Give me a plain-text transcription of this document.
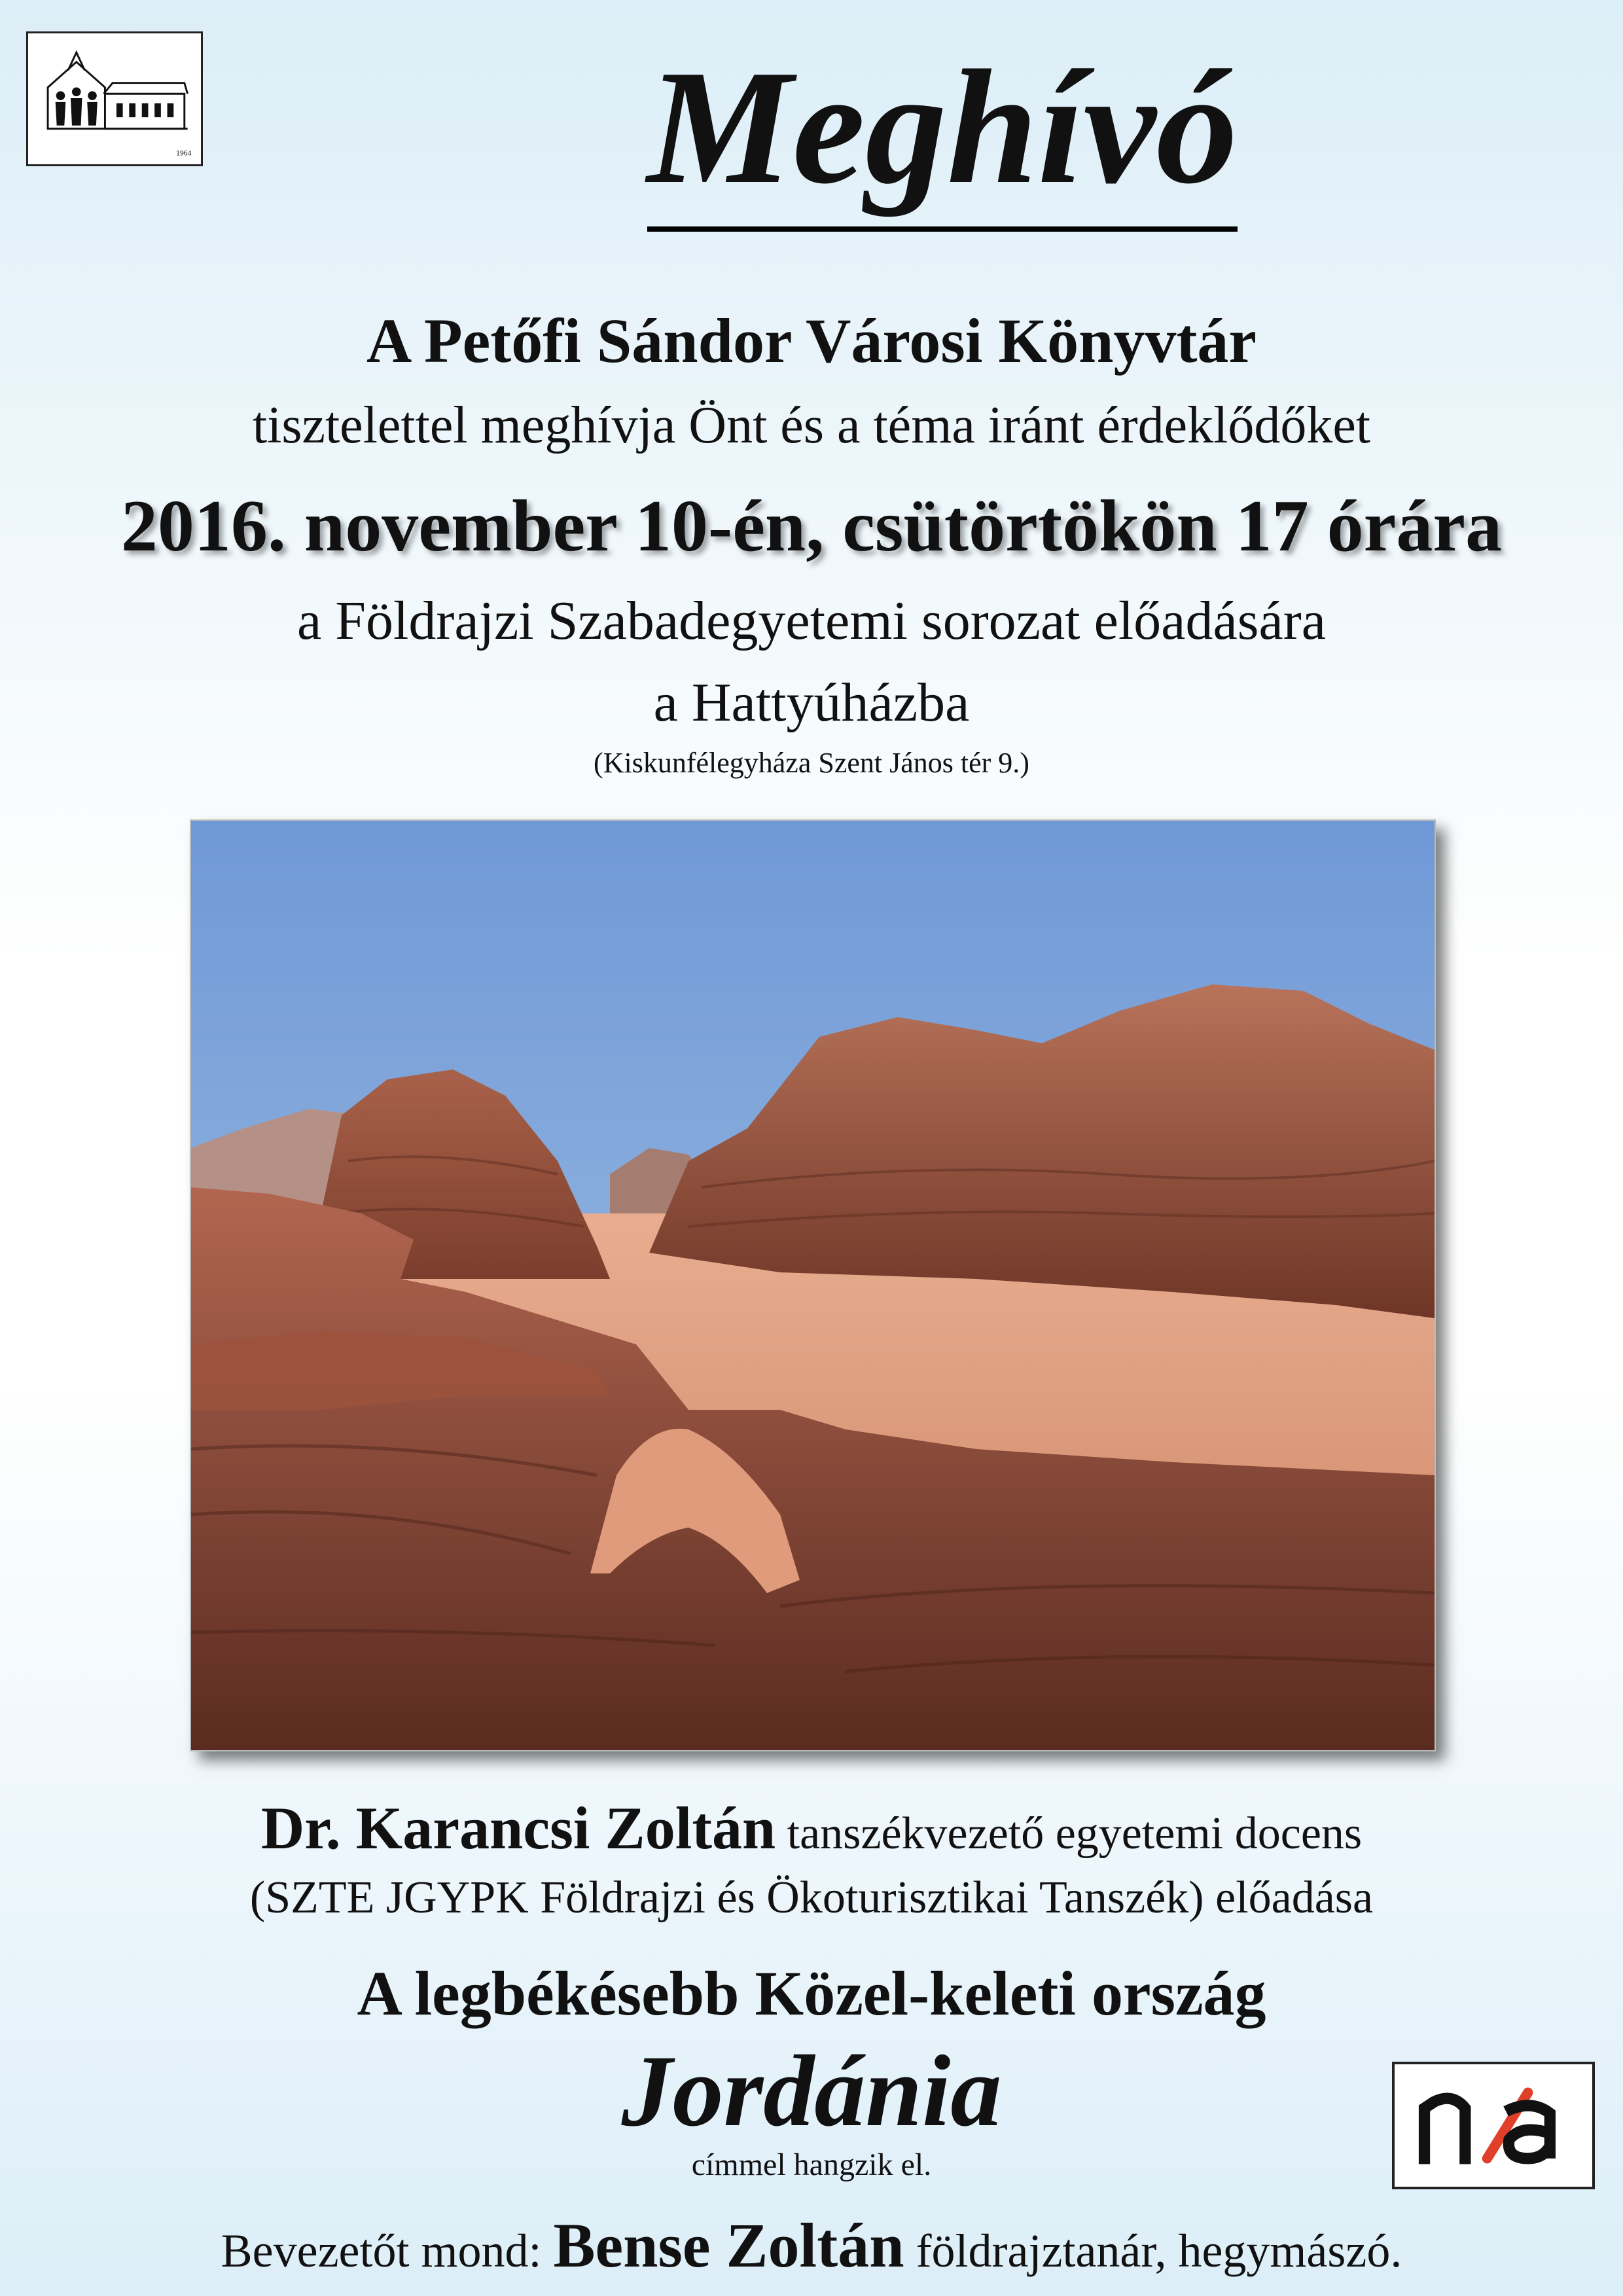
1964	Meghívó
A Petőfi Sándor Városi Könyvtár
tisztelettel meghívja Önt és a téma iránt érdeklődőket
2016. november 10-én, csütörtökön 17 órára
a Földrajzi Szabadegyetemi sorozat előadására
a Hattyúházba
(Kiskunfélegyháza Szent János tér 9.)
Dr. Karancsi Zoltán tanszékvezető egyetemi docens
(SZTE JGYPK Földrajzi és Ökoturisztikai Tanszék) előadása
A legbékésebb Közel-keleti ország
Jordánia
címmel hangzik el.
Bevezetőt mond: Bense Zoltán földrajztanár, hegymászó.
